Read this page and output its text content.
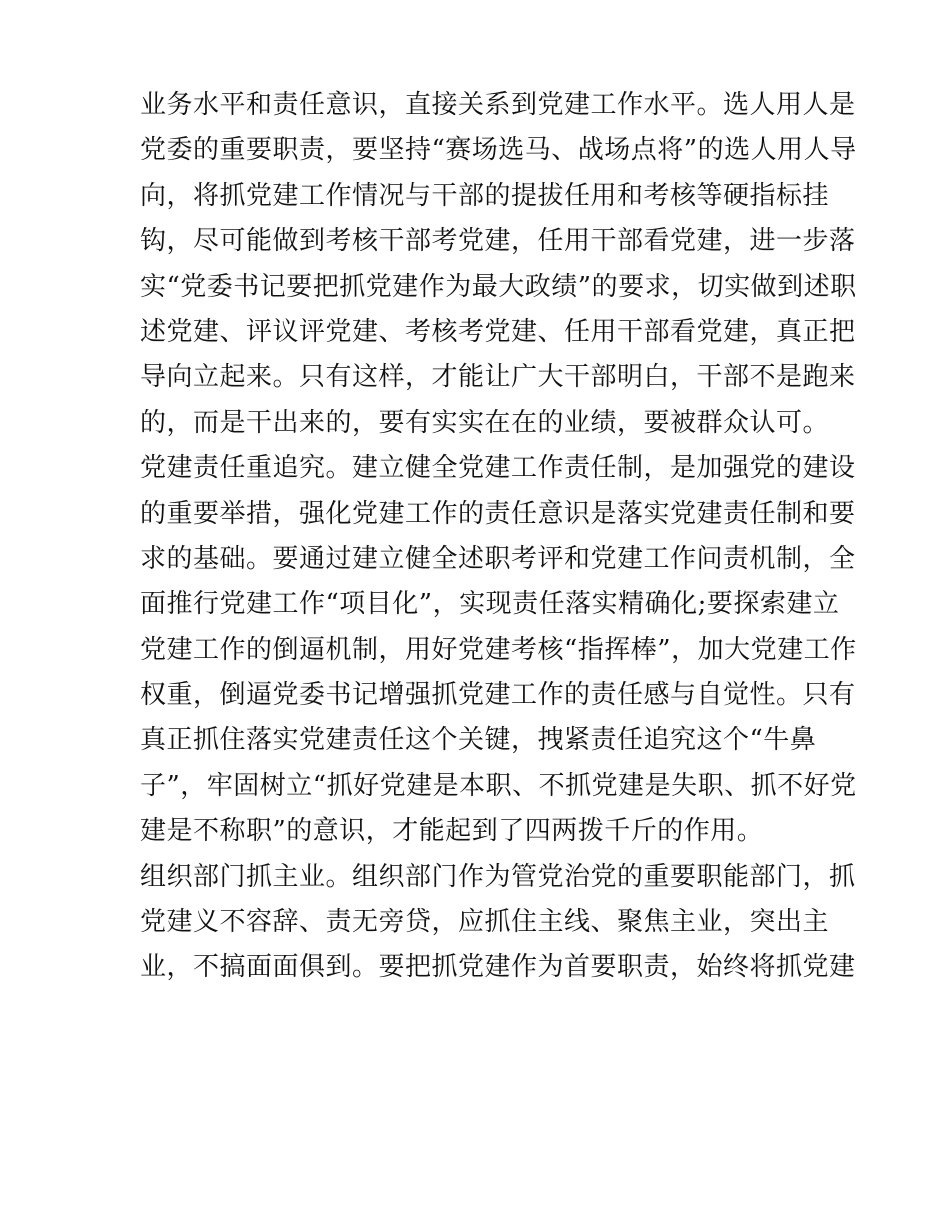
业务水平和责任意识，直接关系到党建工作水平。选人用人是
党委的重要职责，要坚持“赛场选马、战场点将”的选人用人导
向，将抓党建工作情况与干部的提拔任用和考核等硬指标挂
钩，尽可能做到考核干部考党建，任用干部看党建，进一步落
实“党委书记要把抓党建作为最大政绩”的要求，切实做到述职
述党建、评议评党建、考核考党建、任用干部看党建，真正把
导向立起来。只有这样，才能让广大干部明白，干部不是跑来
的，而是干出来的，要有实实在在的业绩，要被群众认可。
党建责任重追究。建立健全党建工作责任制，是加强党的建设
的重要举措，强化党建工作的责任意识是落实党建责任制和要
求的基础。要通过建立健全述职考评和党建工作问责机制，全
面推行党建工作“项目化”，实现责任落实精确化;要探索建立
党建工作的倒逼机制，用好党建考核“指挥棒”，加大党建工作
权重，倒逼党委书记增强抓党建工作的责任感与自觉性。只有
真正抓住落实党建责任这个关键，拽紧责任追究这个“牛鼻
子”，牢固树立“抓好党建是本职、不抓党建是失职、抓不好党
建是不称职”的意识，才能起到了四两拨千斤的作用。
组织部门抓主业。组织部门作为管党治党的重要职能部门，抓
党建义不容辞、责无旁贷，应抓住主线、聚焦主业，突出主
业，不搞面面俱到。要把抓党建作为首要职责，始终将抓党建
